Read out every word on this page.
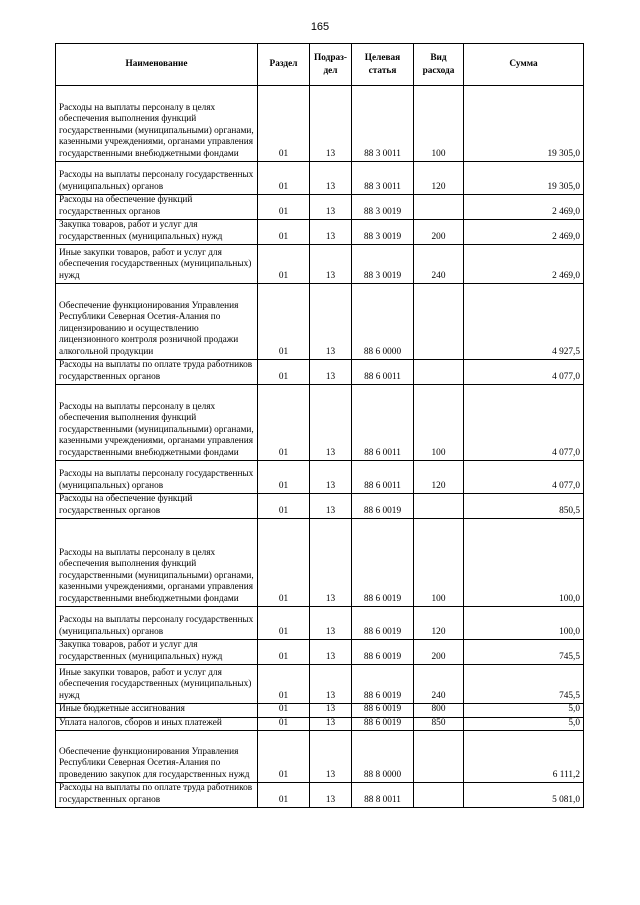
165
Наименование	Раздел	Подраз-дел	Целевая статья	Вид расхода	Сумма
Расходы на выплаты персоналу в целях обеспечения выполнения функций государственными (муниципальными) органами, казенными учреждениями, органами управления государственными внебюджетными фондами	01	13	88 3 0011	100	19 305,0
Расходы на выплаты персоналу государственных (муниципальных) органов	01	13	88 3 0011	120	19 305,0
Расходы на обеспечение функций государственных органов	01	13	88 3 0019		2 469,0
Закупка товаров, работ и услуг для государственных (муниципальных) нужд	01	13	88 3 0019	200	2 469,0
Иные закупки товаров, работ и услуг для обеспечения государственных (муниципальных) нужд	01	13	88 3 0019	240	2 469,0
Обеспечение функционирования Управления Республики Северная Осетия-Алания по лицензированию и осуществлению лицензионного контроля розничной продажи алкогольной продукции	01	13	88 6 0000		4 927,5
Расходы на выплаты по оплате труда работников государственных органов	01	13	88 6 0011		4 077,0
Расходы на выплаты персоналу в целях обеспечения выполнения функций государственными (муниципальными) органами, казенными учреждениями, органами управления государственными внебюджетными фондами	01	13	88 6 0011	100	4 077,0
Расходы на выплаты персоналу государственных (муниципальных) органов	01	13	88 6 0011	120	4 077,0
Расходы на обеспечение функций государственных органов	01	13	88 6 0019		850,5
Расходы на выплаты персоналу в целях обеспечения выполнения функций государственными (муниципальными) органами, казенными учреждениями, органами управления государственными внебюджетными фондами	01	13	88 6 0019	100	100,0
Расходы на выплаты персоналу государственных (муниципальных) органов	01	13	88 6 0019	120	100,0
Закупка товаров, работ и услуг для государственных (муниципальных) нужд	01	13	88 6 0019	200	745,5
Иные закупки товаров, работ и услуг для обеспечения государственных (муниципальных) нужд	01	13	88 6 0019	240	745,5
Иные бюджетные ассигнования	01	13	88 6 0019	800	5,0
Уплата налогов, сборов и иных платежей	01	13	88 6 0019	850	5,0
Обеспечение функционирования Управления Республики Северная Осетия-Алания по проведению закупок для государственных нужд	01	13	88 8 0000		6 111,2
Расходы на выплаты по оплате труда работников государственных органов	01	13	88 8 0011		5 081,0
